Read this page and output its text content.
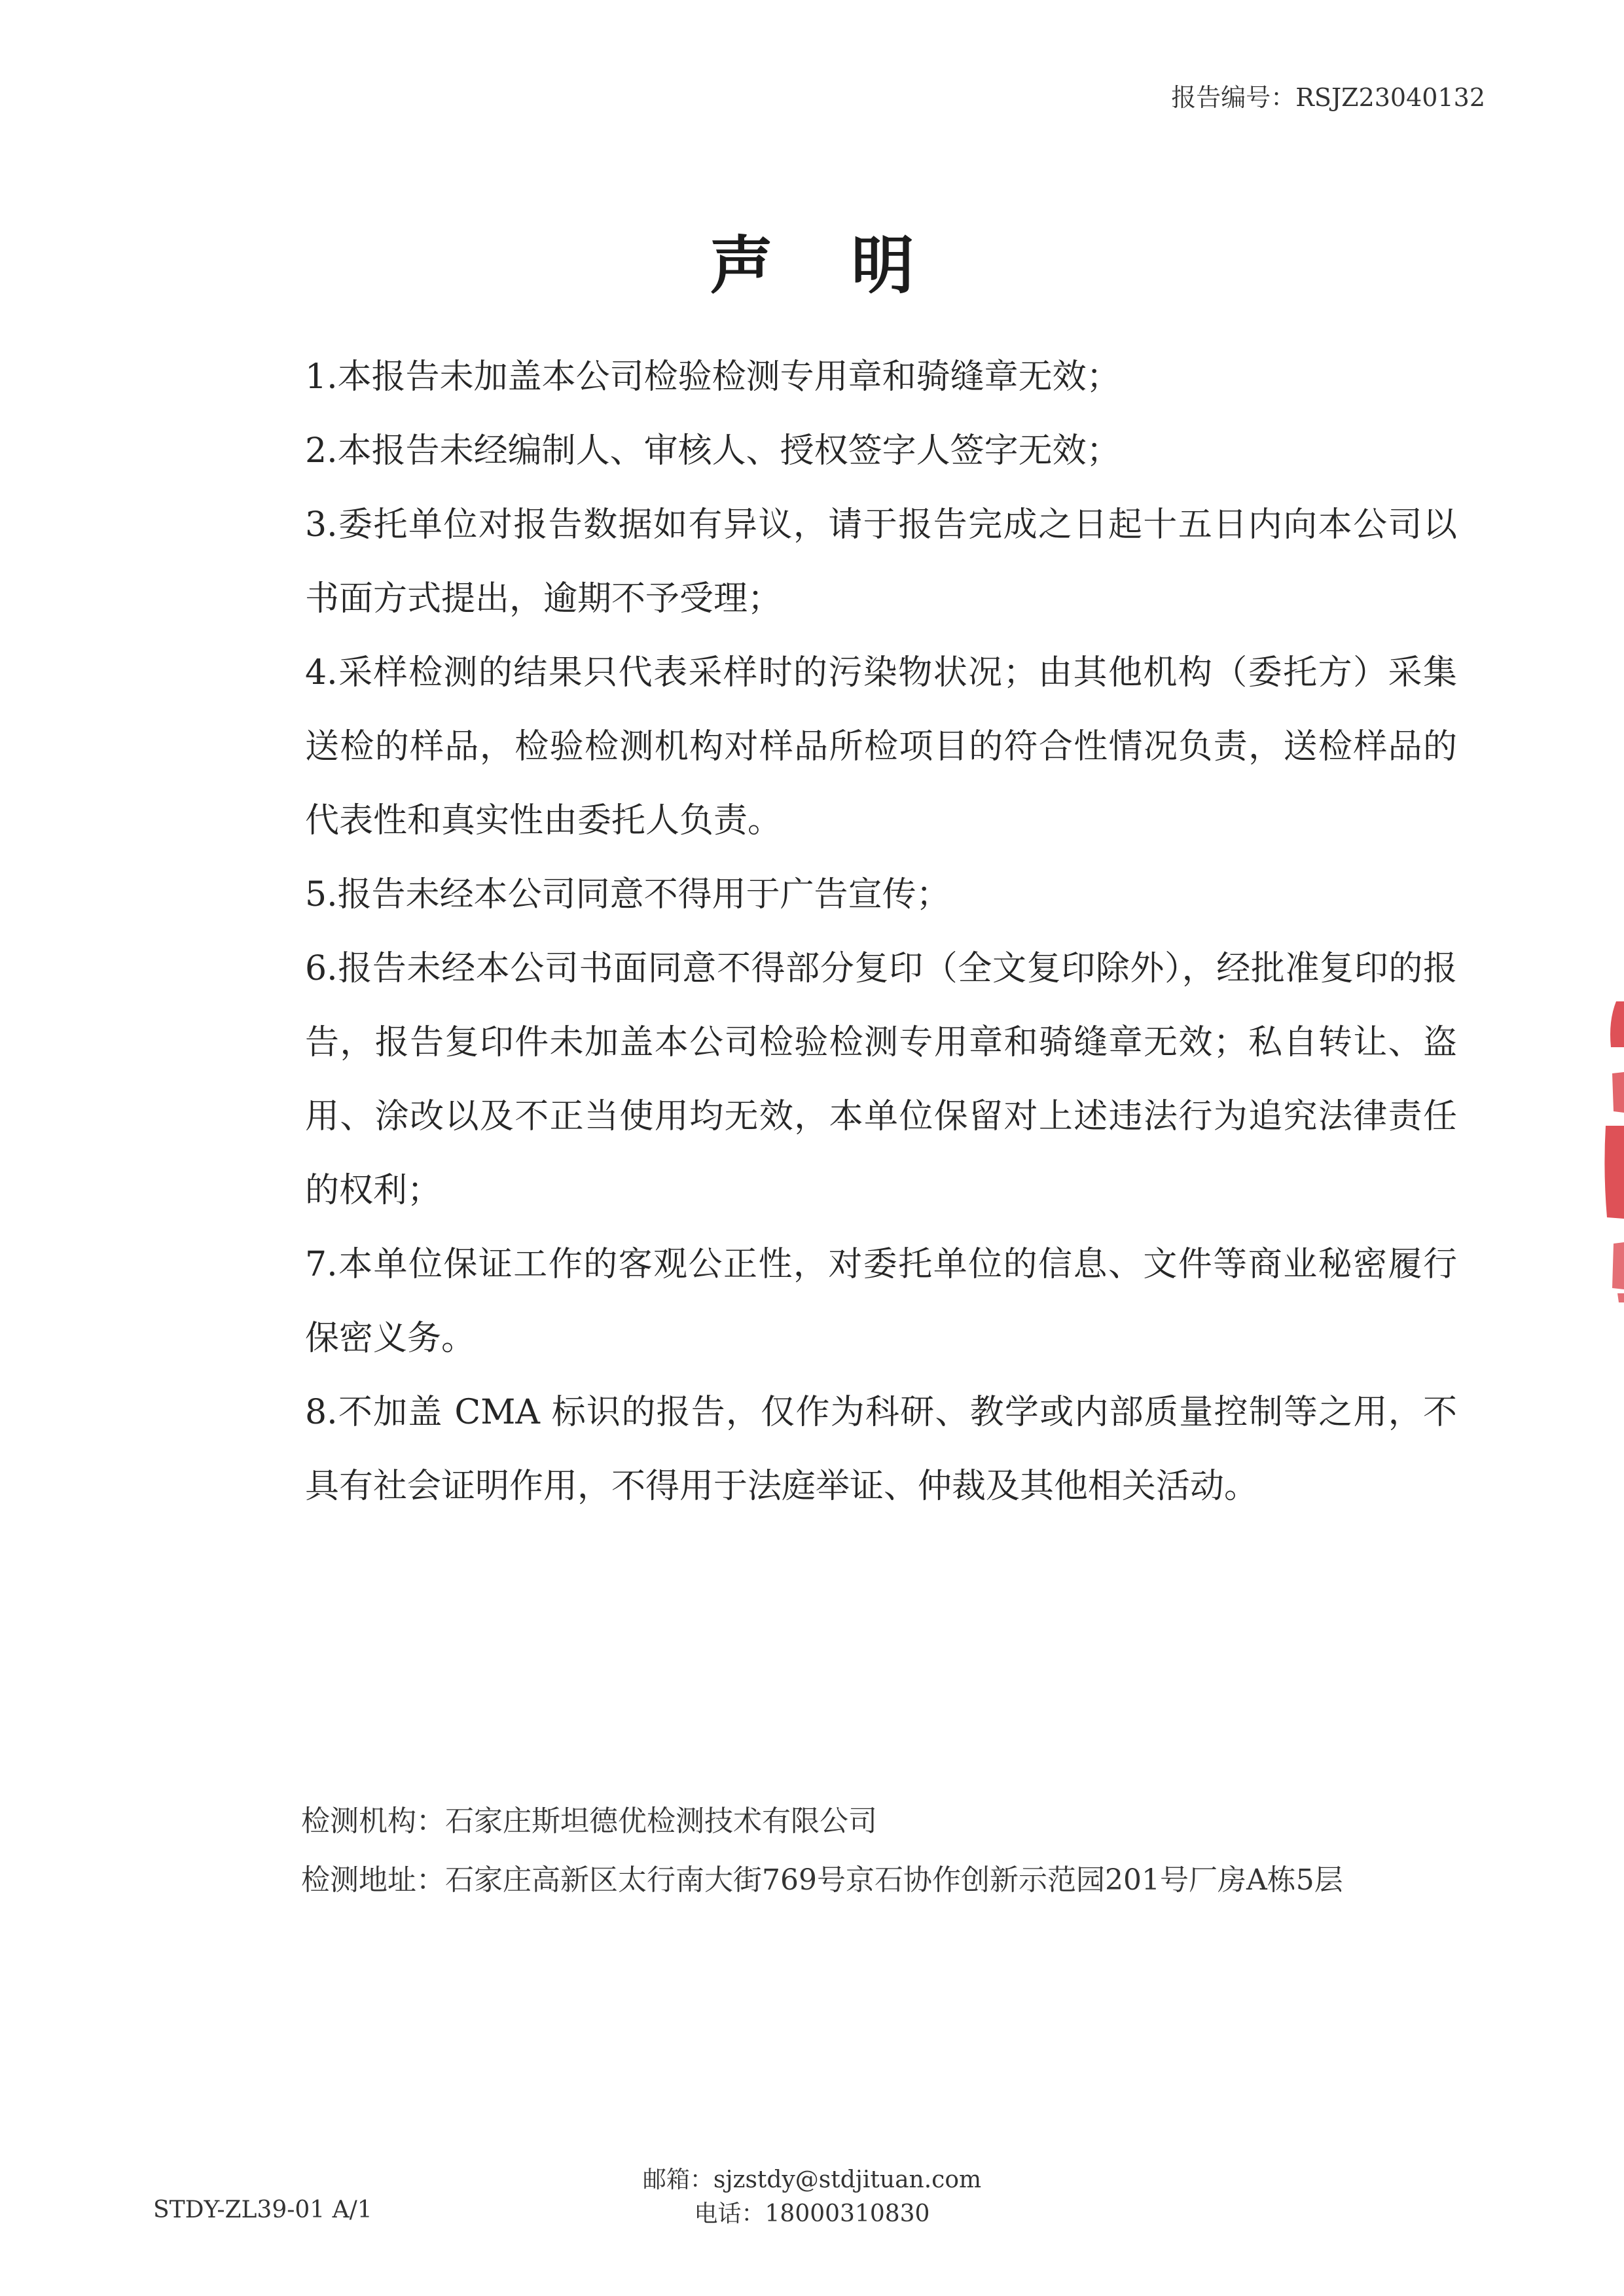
报告编号：RSJZ23040132
声明

1.本报告未加盖本公司检验检测专用章和骑缝章无效；

2.本报告未经编制人、审核人、授权签字人签字无效；

3.委托单位对报告数据如有异议，请于报告完成之日起十五日内向本公司以书面方式提出，逾期不予受理；

4.采样检测的结果只代表采样时的污染物状况；由其他机构（委托方）采集送检的样品，检验检测机构对样品所检项目的符合性情况负责，送检样品的代表性和真实性由委托人负责。

5.报告未经本公司同意不得用于广告宣传；

6.报告未经本公司书面同意不得部分复印（全文复印除外），经批准复印的报告，报告复印件未加盖本公司检验检测专用章和骑缝章无效；私自转让、盗用、涂改以及不正当使用均无效，本单位保留对上述违法行为追究法律责任的权利；

7.本单位保证工作的客观公正性，对委托单位的信息、文件等商业秘密履行保密义务。

8.不加盖 CMA 标识的报告，仅作为科研、教学或内部质量控制等之用，不具有社会证明作用，不得用于法庭举证、仲裁及其他相关活动。

检测机构：石家庄斯坦德优检测技术有限公司
检测地址：石家庄高新区太行南大街769号京石协作创新示范园201号厂房A栋5层
邮箱：sjzstdy@stdjituan.com
电话：18000310830
STDY-ZL39-01 A/1
